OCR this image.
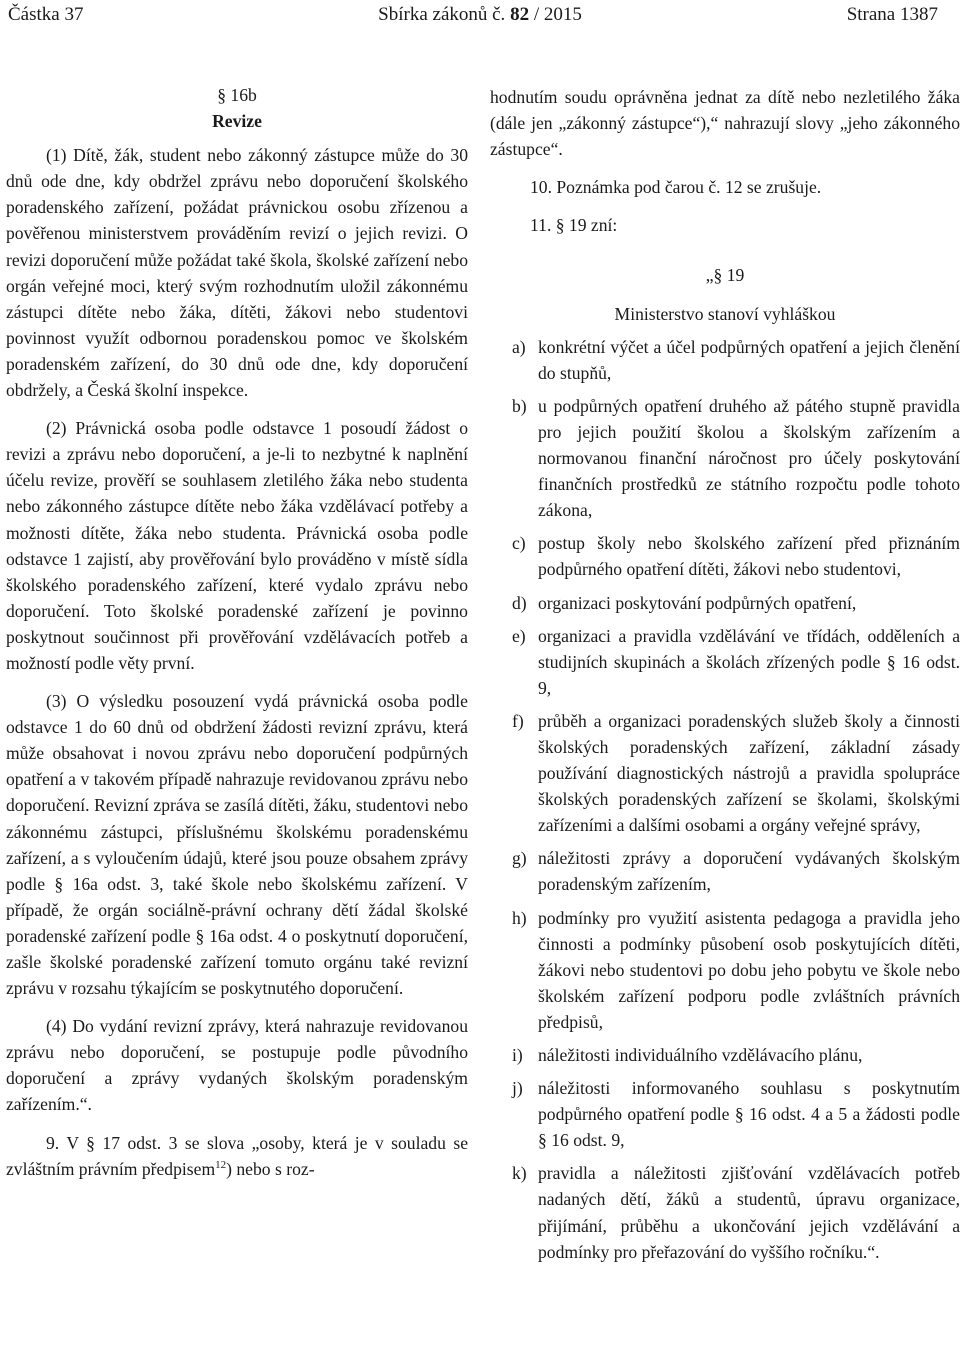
Částka 37	Sbírka zákonů č. 82 / 2015	Strana 1387

§ 16b

Revize

(1) Dítě, žák, student nebo zákonný zástupce může do 30 dnů ode dne, kdy obdržel zprávu nebo doporučení školského poradenského zařízení, požádat právnickou osobu zřízenou a pověřenou ministerstvem prováděním revizí o jejich revizi. O revizi doporučení může požádat také škola, školské zařízení nebo orgán veřejné moci, který svým rozhodnutím uložil zákonnému zástupci dítěte nebo žáka, dítěti, žákovi nebo studentovi povinnost využít odbornou poradenskou pomoc ve školském poradenském zařízení, do 30 dnů ode dne, kdy doporučení obdržely, a Česká školní inspekce.

(2) Právnická osoba podle odstavce 1 posoudí žádost o revizi a zprávu nebo doporučení, a je-li to nezbytné k naplnění účelu revize, prověří se souhlasem zletilého žáka nebo studenta nebo zákonného zástupce dítěte nebo žáka vzdělávací potřeby a možnosti dítěte, žáka nebo studenta. Právnická osoba podle odstavce 1 zajistí, aby prověřování bylo prováděno v místě sídla školského poradenského zařízení, které vydalo zprávu nebo doporučení. Toto školské poradenské zařízení je povinno poskytnout součinnost při prověřování vzdělávacích potřeb a možností podle věty první.

(3) O výsledku posouzení vydá právnická osoba podle odstavce 1 do 60 dnů od obdržení žádosti revizní zprávu, která může obsahovat i novou zprávu nebo doporučení podpůrných opatření a v takovém případě nahrazuje revidovanou zprávu nebo doporučení. Revizní zpráva se zasílá dítěti, žáku, studentovi nebo zákonnému zástupci, příslušnému školskému poradenskému zařízení, a s vyloučením údajů, které jsou pouze obsahem zprávy podle § 16a odst. 3, také škole nebo školskému zařízení. V případě, že orgán sociálně-právní ochrany dětí žádal školské poradenské zařízení podle § 16a odst. 4 o poskytnutí doporučení, zašle školské poradenské zařízení tomuto orgánu také revizní zprávu v rozsahu týkajícím se poskytnutého doporučení.

(4) Do vydání revizní zprávy, která nahrazuje revidovanou zprávu nebo doporučení, se postupuje podle původního doporučení a zprávy vydaných školským poradenským zařízením.“.

9. V § 17 odst. 3 se slova „osoby, která je v souladu se zvláštním právním předpisem$^{12}$) nebo s roz-

hodnutím soudu oprávněna jednat za dítě nebo nezletilého žáka (dále jen „zákonný zástupce“),“ nahrazují slovy „jeho zákonného zástupce“.

10. Poznámka pod čarou č. 12 se zrušuje.

11. § 19 zní:

„§ 19

Ministerstvo stanoví vyhláškou

a) konkrétní výčet a účel podpůrných opatření a jejich členění do stupňů,
b) u podpůrných opatření druhého až pátého stupně pravidla pro jejich použití školou a školským zařízením a normovanou finanční náročnost pro účely poskytování finančních prostředků ze státního rozpočtu podle tohoto zákona,
c) postup školy nebo školského zařízení před přiznáním podpůrného opatření dítěti, žákovi nebo studentovi,
d) organizaci poskytování podpůrných opatření,
e) organizaci a pravidla vzdělávání ve třídách, odděleních a studijních skupinách a školách zřízených podle § 16 odst. 9,
f) průběh a organizaci poradenských služeb školy a činnosti školských poradenských zařízení, základní zásady používání diagnostických nástrojů a pravidla spolupráce školských poradenských zařízení se školami, školskými zařízeními a dalšími osobami a orgány veřejné správy,
g) náležitosti zprávy a doporučení vydávaných školským poradenským zařízením,
h) podmínky pro využití asistenta pedagoga a pravidla jeho činnosti a podmínky působení osob poskytujících dítěti, žákovi nebo studentovi po dobu jeho pobytu ve škole nebo školském zařízení podporu podle zvláštních právních předpisů,
i) náležitosti individuálního vzdělávacího plánu,
j) náležitosti informovaného souhlasu s poskytnutím podpůrného opatření podle § 16 odst. 4 a 5 a žádosti podle § 16 odst. 9,
k) pravidla a náležitosti zjišťování vzdělávacích potřeb nadaných dětí, žáků a studentů, úpravu organizace, přijímání, průběhu a ukončování jejich vzdělávání a podmínky pro přeřazování do vyššího ročníku.“.
